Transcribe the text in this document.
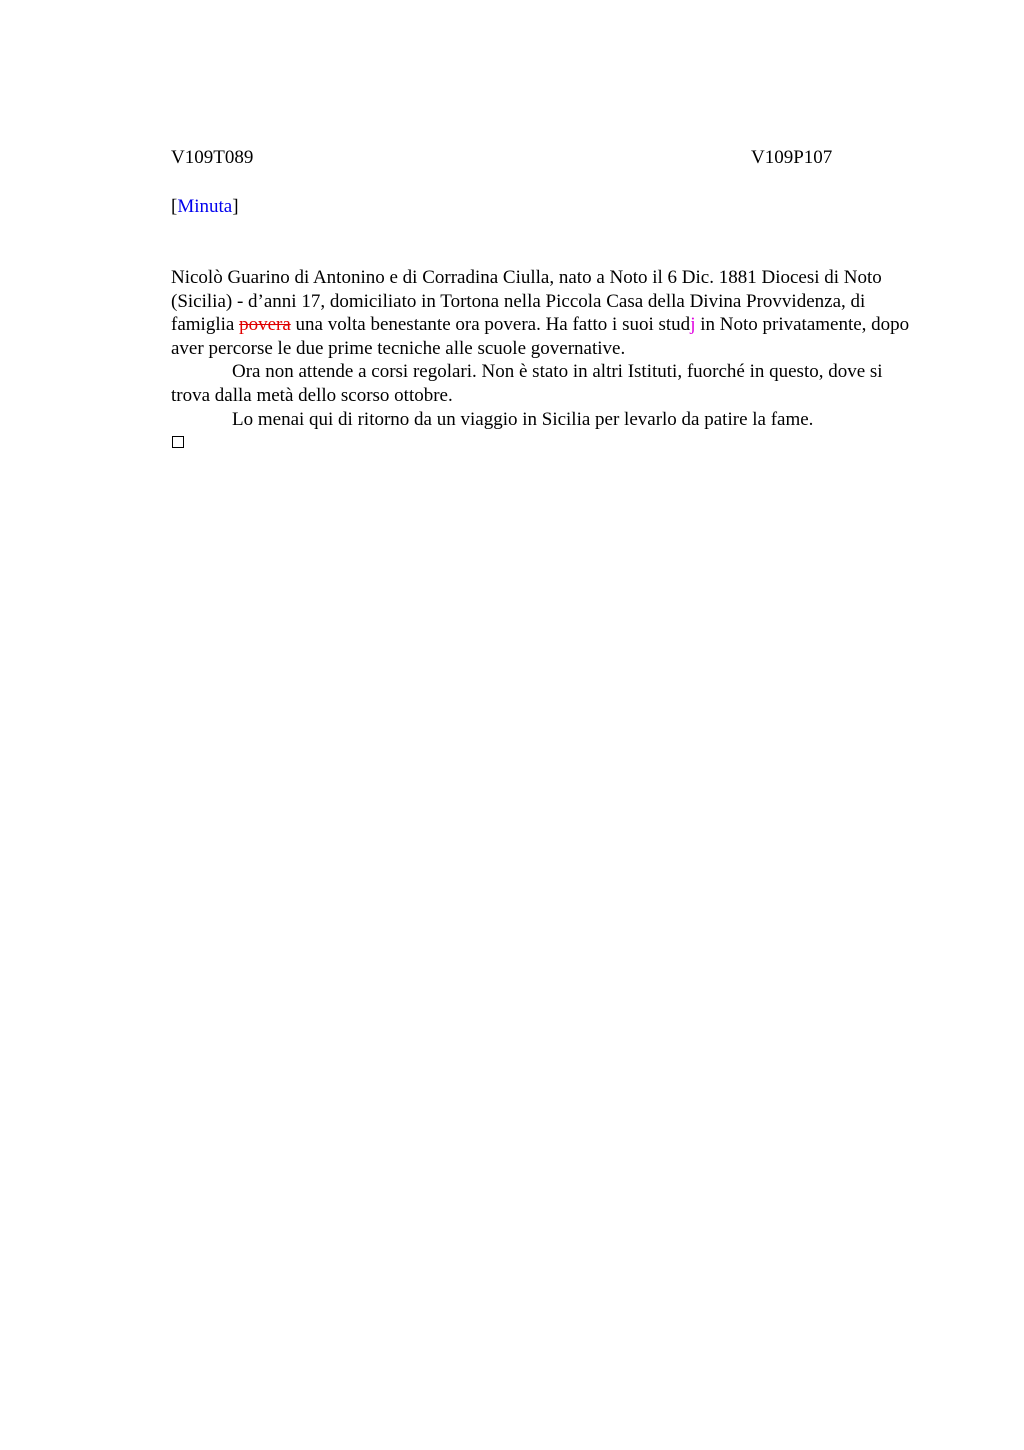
V109T089	V109P107
[Minuta]

Nicolò Guarino di Antonino e di Corradina Ciulla, nato a Noto il 6 Dic. 1881 Diocesi di Noto (Sicilia) - d’anni 17, domiciliato in Tortona nella Piccola Casa della Divina Provvidenza, di famiglia povera una volta benestante ora povera. Ha fatto i suoi studj in Noto privatamente, dopo aver percorse le due prime tecniche alle scuole governative.

Ora non attende a corsi regolari. Non è stato in altri Istituti, fuorché in questo, dove si trova dalla metà dello scorso ottobre.

Lo menai qui di ritorno da un viaggio in Sicilia per levarlo da patire la fame.
